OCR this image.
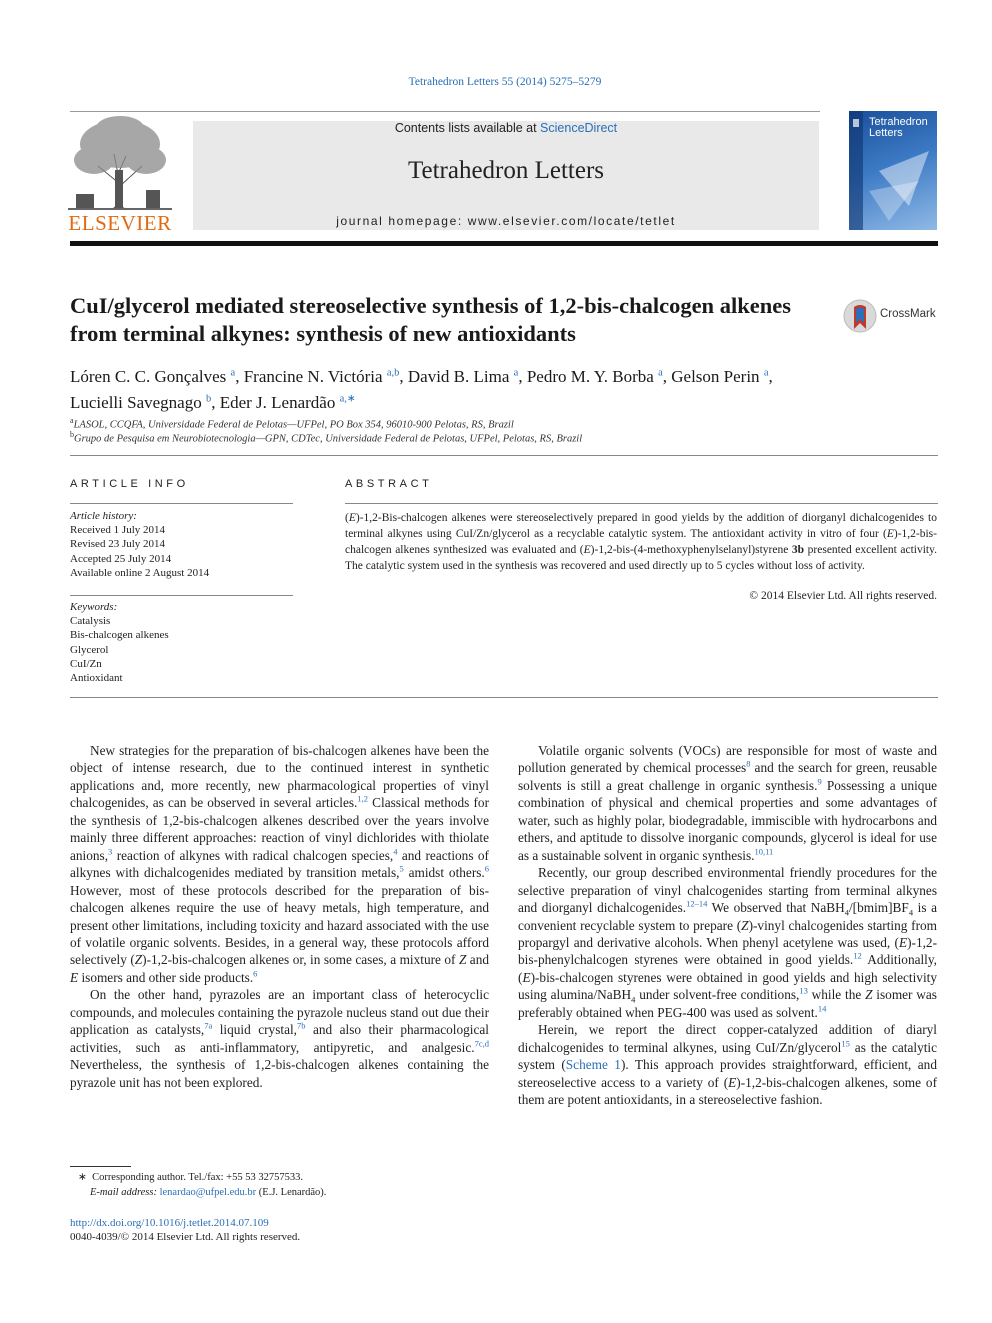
Tetrahedron Letters 55 (2014) 5275–5279
ELSEVIER
Contents lists available at ScienceDirect
Tetrahedron Letters
journal homepage: www.elsevier.com/locate/tetlet
Tetrahedron
Letters
CuI/glycerol mediated stereoselective synthesis of 1,2-bis-chalcogen alkenes from terminal alkynes: synthesis of new antioxidants
CrossMark
Lóren C. C. Gonçalves $^a$, Francine N. Victória $^{a,b}$, David B. Lima $^a$, Pedro M. Y. Borba $^a$, Gelson Perin $^a$,
Lucielli Savegnago $^b$, Eder J. Lenardão $^{a,∗}$
$^a$LASOL, CCQFA, Universidade Federal de Pelotas—UFPel, PO Box 354, 96010-900 Pelotas, RS, Brazil
$^b$Grupo de Pesquisa em Neurobiotecnologia—GPN, CDTec, Universidade Federal de Pelotas, UFPel, Pelotas, RS, Brazil
ARTICLE INFO
Article history:
Received 1 July 2014
Revised 23 July 2014
Accepted 25 July 2014
Available online 2 August 2014
Keywords:
Catalysis
Bis-chalcogen alkenes
Glycerol
CuI/Zn
Antioxidant
ABSTRACT
(E)-1,2-Bis-chalcogen alkenes were stereoselectively prepared in good yields by the addition of diorganyl dichalcogenides to terminal alkynes using CuI/Zn/glycerol as a recyclable catalytic system. The antioxidant activity in vitro of four (E)-1,2-bis-chalcogen alkenes synthesized was evaluated and (E)-1,2-bis-(4-methoxyphenylselanyl)styrene 3b presented excellent activity. The catalytic system used in the synthesis was recovered and used directly up to 5 cycles without loss of activity.
© 2014 Elsevier Ltd. All rights reserved.

New strategies for the preparation of bis-chalcogen alkenes have been the object of intense research, due to the continued interest in synthetic applications and, more recently, new pharmacological properties of vinyl chalcogenides, as can be observed in several articles.$^{1,2}$ Classical methods for the synthesis of 1,2-bis-chalcogen alkenes described over the years involve mainly three different approaches: reaction of vinyl dichlorides with thiolate anions,$^3$ reaction of alkynes with radical chalcogen species,$^4$ and reactions of alkynes with dichalcogenides mediated by transition metals,$^5$ amidst others.$^6$ However, most of these protocols described for the preparation of bis-chalcogen alkenes require the use of heavy metals, high temperature, and present other limitations, including toxicity and hazard associated with the use of volatile organic solvents. Besides, in a general way, these protocols afford selectively (Z)-1,2-bis-chalcogen alkenes or, in some cases, a mixture of Z and E isomers and other side products.$^6$

On the other hand, pyrazoles are an important class of heterocyclic compounds, and molecules containing the pyrazole nucleus stand out due their application as catalysts,$^{7a}$ liquid crystal,$^{7b}$ and also their pharmacological activities, such as anti-inflammatory, antipyretic, and analgesic.$^{7c,d}$ Nevertheless, the synthesis of 1,2-bis-chalcogen alkenes containing the pyrazole unit has not been explored.

Volatile organic solvents (VOCs) are responsible for most of waste and pollution generated by chemical processes$^8$ and the search for green, reusable solvents is still a great challenge in organic synthesis.$^9$ Possessing a unique combination of physical and chemical properties and some advantages of water, such as highly polar, biodegradable, immiscible with hydrocarbons and ethers, and aptitude to dissolve inorganic compounds, glycerol is ideal for use as a sustainable solvent in organic synthesis.$^{10,11}$

Recently, our group described environmental friendly procedures for the selective preparation of vinyl chalcogenides starting from terminal alkynes and diorganyl dichalcogenides.$^{12-14}$ We observed that $NaBH_4/[bmim]BF_4$ is a convenient recyclable system to prepare (Z)-vinyl chalcogenides starting from propargyl and derivative alcohols. When phenyl acetylene was used, (E)-1,2-bis-phenylchalcogen styrenes were obtained in good yields.$^{12}$ Additionally, (E)-bis-chalcogen styrenes were obtained in good yields and high selectivity using alumina/NaBH$_4$ under solvent-free conditions,$^{13}$ while the Z isomer was preferably obtained when PEG-400 was used as solvent.$^{14}$

Herein, we report the direct copper-catalyzed addition of diaryl dichalcogenides to terminal alkynes, using CuI/Zn/glycerol$^{15}$ as the catalytic system (Scheme 1). This approach provides straightforward, efficient, and stereoselective access to a variety of (E)-1,2-bis-chalcogen alkenes, some of them are potent antioxidants, in a stereoselective fashion.

∗ Corresponding author. Tel./fax: +55 53 32757533.
E-mail address: lenardao@ufpel.edu.br (E.J. Lenardão).
http://dx.doi.org/10.1016/j.tetlet.2014.07.109
0040-4039/© 2014 Elsevier Ltd. All rights reserved.
